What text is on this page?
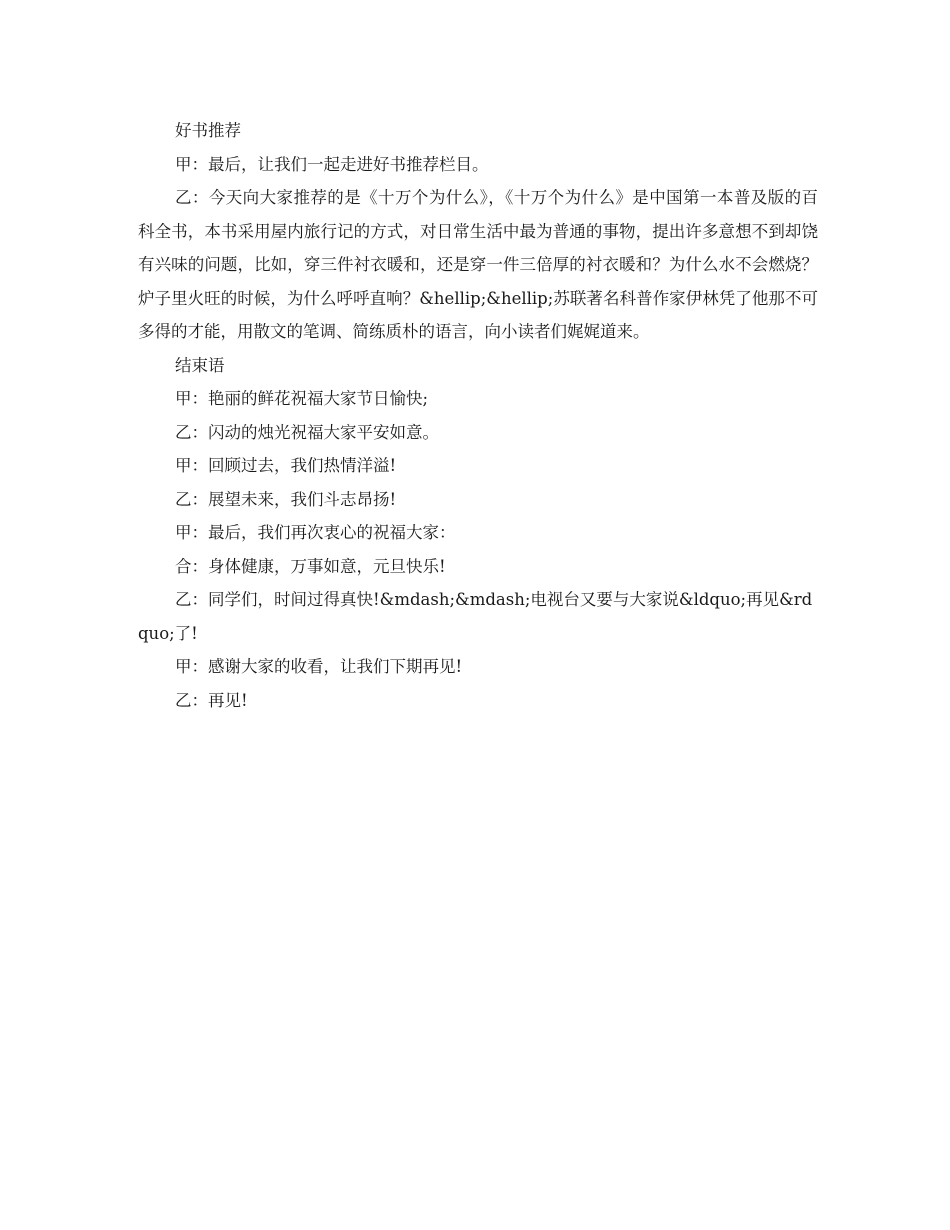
好书推荐

甲：最后，让我们一起走进好书推荐栏目。

乙：今天向大家推荐的是《十万个为什么》，《十万个为什么》是中国第一本普及版的百科全书，本书采用屋内旅行记的方式，对日常生活中最为普通的事物，提出许多意想不到却饶有兴味的问题，比如，穿三件衬衣暖和，还是穿一件三倍厚的衬衣暖和？为什么水不会燃烧？炉子里火旺的时候，为什么呼呼直响？&hellip;&hellip;苏联著名科普作家伊林凭了他那不可多得的才能，用散文的笔调、简练质朴的语言，向小读者们娓娓道来。

结束语

甲：艳丽的鲜花祝福大家节日愉快;

乙：闪动的烛光祝福大家平安如意。

甲：回顾过去，我们热情洋溢!

乙：展望未来，我们斗志昂扬!

甲：最后，我们再次衷心的祝福大家：

合：身体健康，万事如意，元旦快乐!

乙：同学们，时间过得真快!&mdash;&mdash;电视台又要与大家说&ldquo;再见&rdquo;了!

甲：感谢大家的收看，让我们下期再见!

乙：再见!
